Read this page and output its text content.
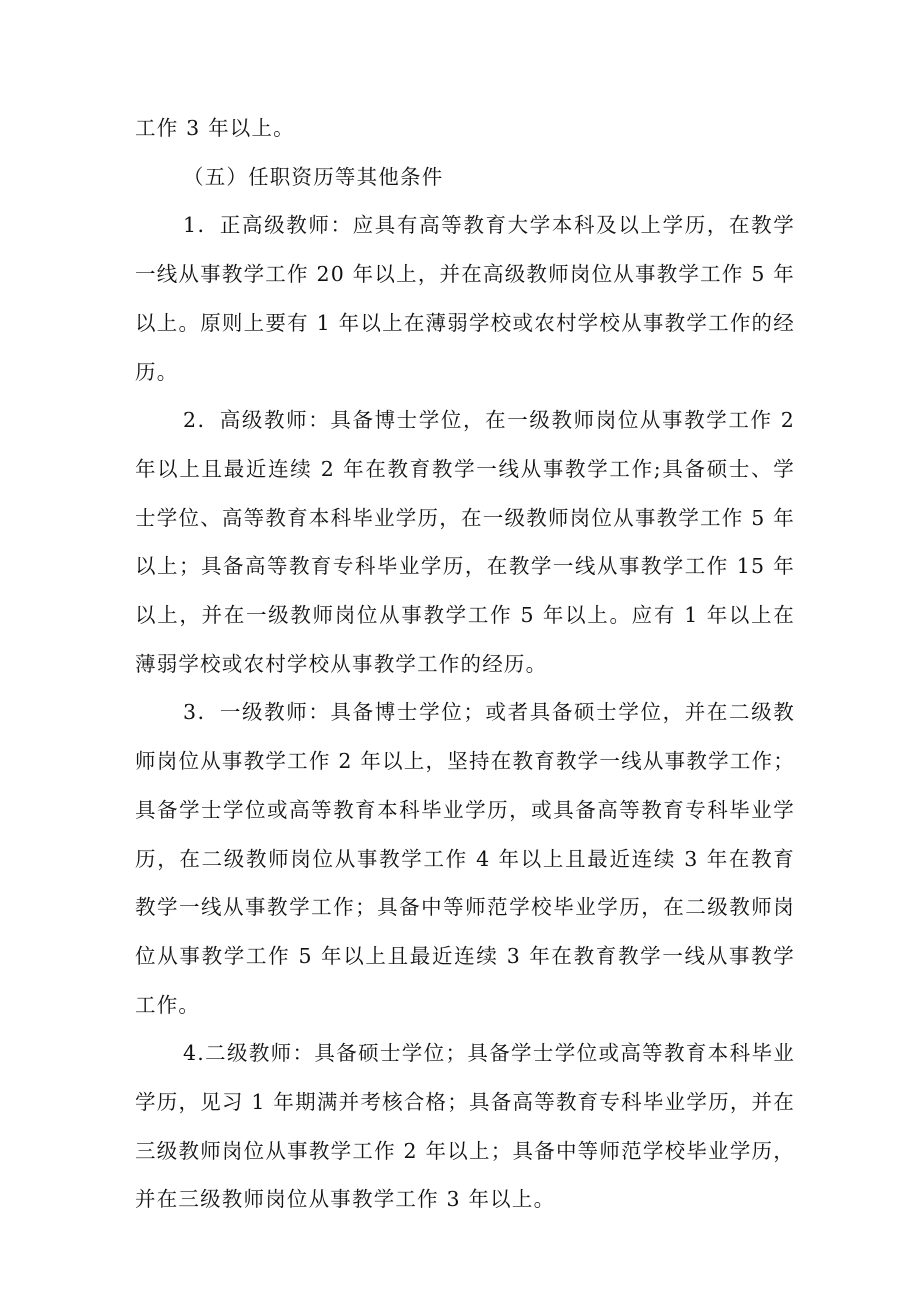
工作 3 年以上。

（五）任职资历等其他条件

1．正高级教师：应具有高等教育大学本科及以上学历，在教学一线从事教学工作 20 年以上，并在高级教师岗位从事教学工作 5 年以上。原则上要有 1 年以上在薄弱学校或农村学校从事教学工作的经历。

2．高级教师：具备博士学位，在一级教师岗位从事教学工作 2 年以上且最近连续 2 年在教育教学一线从事教学工作;具备硕士、学士学位、高等教育本科毕业学历，在一级教师岗位从事教学工作 5 年以上；具备高等教育专科毕业学历，在教学一线从事教学工作 15 年以上，并在一级教师岗位从事教学工作 5 年以上。应有 1 年以上在薄弱学校或农村学校从事教学工作的经历。

3．一级教师：具备博士学位；或者具备硕士学位，并在二级教师岗位从事教学工作 2 年以上，坚持在教育教学一线从事教学工作；具备学士学位或高等教育本科毕业学历，或具备高等教育专科毕业学历，在二级教师岗位从事教学工作 4 年以上且最近连续 3 年在教育教学一线从事教学工作；具备中等师范学校毕业学历，在二级教师岗位从事教学工作 5 年以上且最近连续 3 年在教育教学一线从事教学工作。

4.二级教师：具备硕士学位；具备学士学位或高等教育本科毕业学历，见习 1 年期满并考核合格；具备高等教育专科毕业学历，并在三级教师岗位从事教学工作 2 年以上；具备中等师范学校毕业学历，并在三级教师岗位从事教学工作 3 年以上。
